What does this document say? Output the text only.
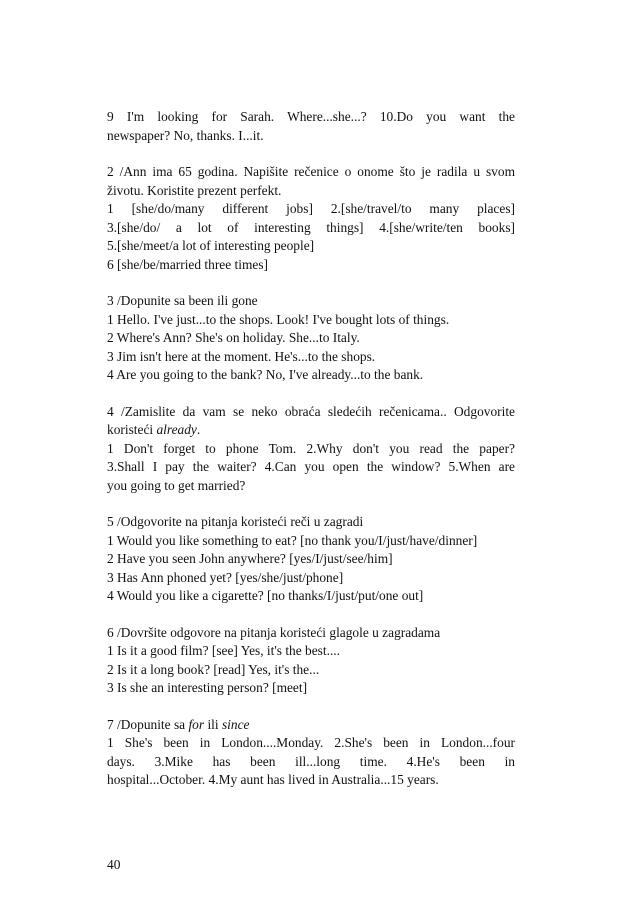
9 I'm looking for Sarah. Where...she...? 10.Do you want the
newspaper? No, thanks. I...it.
2 /Ann ima 65 godina. Napišite rečenice o onome što je radila u svom
životu. Koristite prezent perfekt.
1 [she/do/many different jobs] 2.[she/travel/to many places]
3.[she/do/ a lot of interesting things] 4.[she/write/ten books]
5.[she/meet/a lot of interesting people]
6 [she/be/married three times]
3 /Dopunite sa been ili gone
1 Hello. I've just...to the shops. Look! I've bought lots of things.
2 Where's Ann? She's on holiday. She...to Italy.
3 Jim isn't here at the moment. He's...to the shops.
4 Are you going to the bank? No, I've already...to the bank.
4 /Zamislite da vam se neko obraća sledećih rečenicama.. Odgovorite
koristeći already.
1 Don't forget to phone Tom. 2.Why don't you read the paper?
3.Shall I pay the waiter? 4.Can you open the window? 5.When are
you going to get married?
5 /Odgovorite na pitanja koristeći reči u zagradi
1 Would you like something to eat? [no thank you/I/just/have/dinner]
2 Have you seen John anywhere? [yes/I/just/see/him]
3 Has Ann phoned yet? [yes/she/just/phone]
4 Would you like a cigarette? [no thanks/I/just/put/one out]
6 /Dovršite odgovore na pitanja koristeći glagole u zagradama
1 Is it a good film? [see] Yes, it's the best....
2 Is it a long book? [read] Yes, it's the...
3 Is she an interesting person? [meet]
7 /Dopunite sa for ili since
1 She's been in London....Monday. 2.She's been in London...four
days. 3.Mike has been ill...long time. 4.He's been in
hospital...October. 4.My aunt has lived in Australia...15 years.
40
